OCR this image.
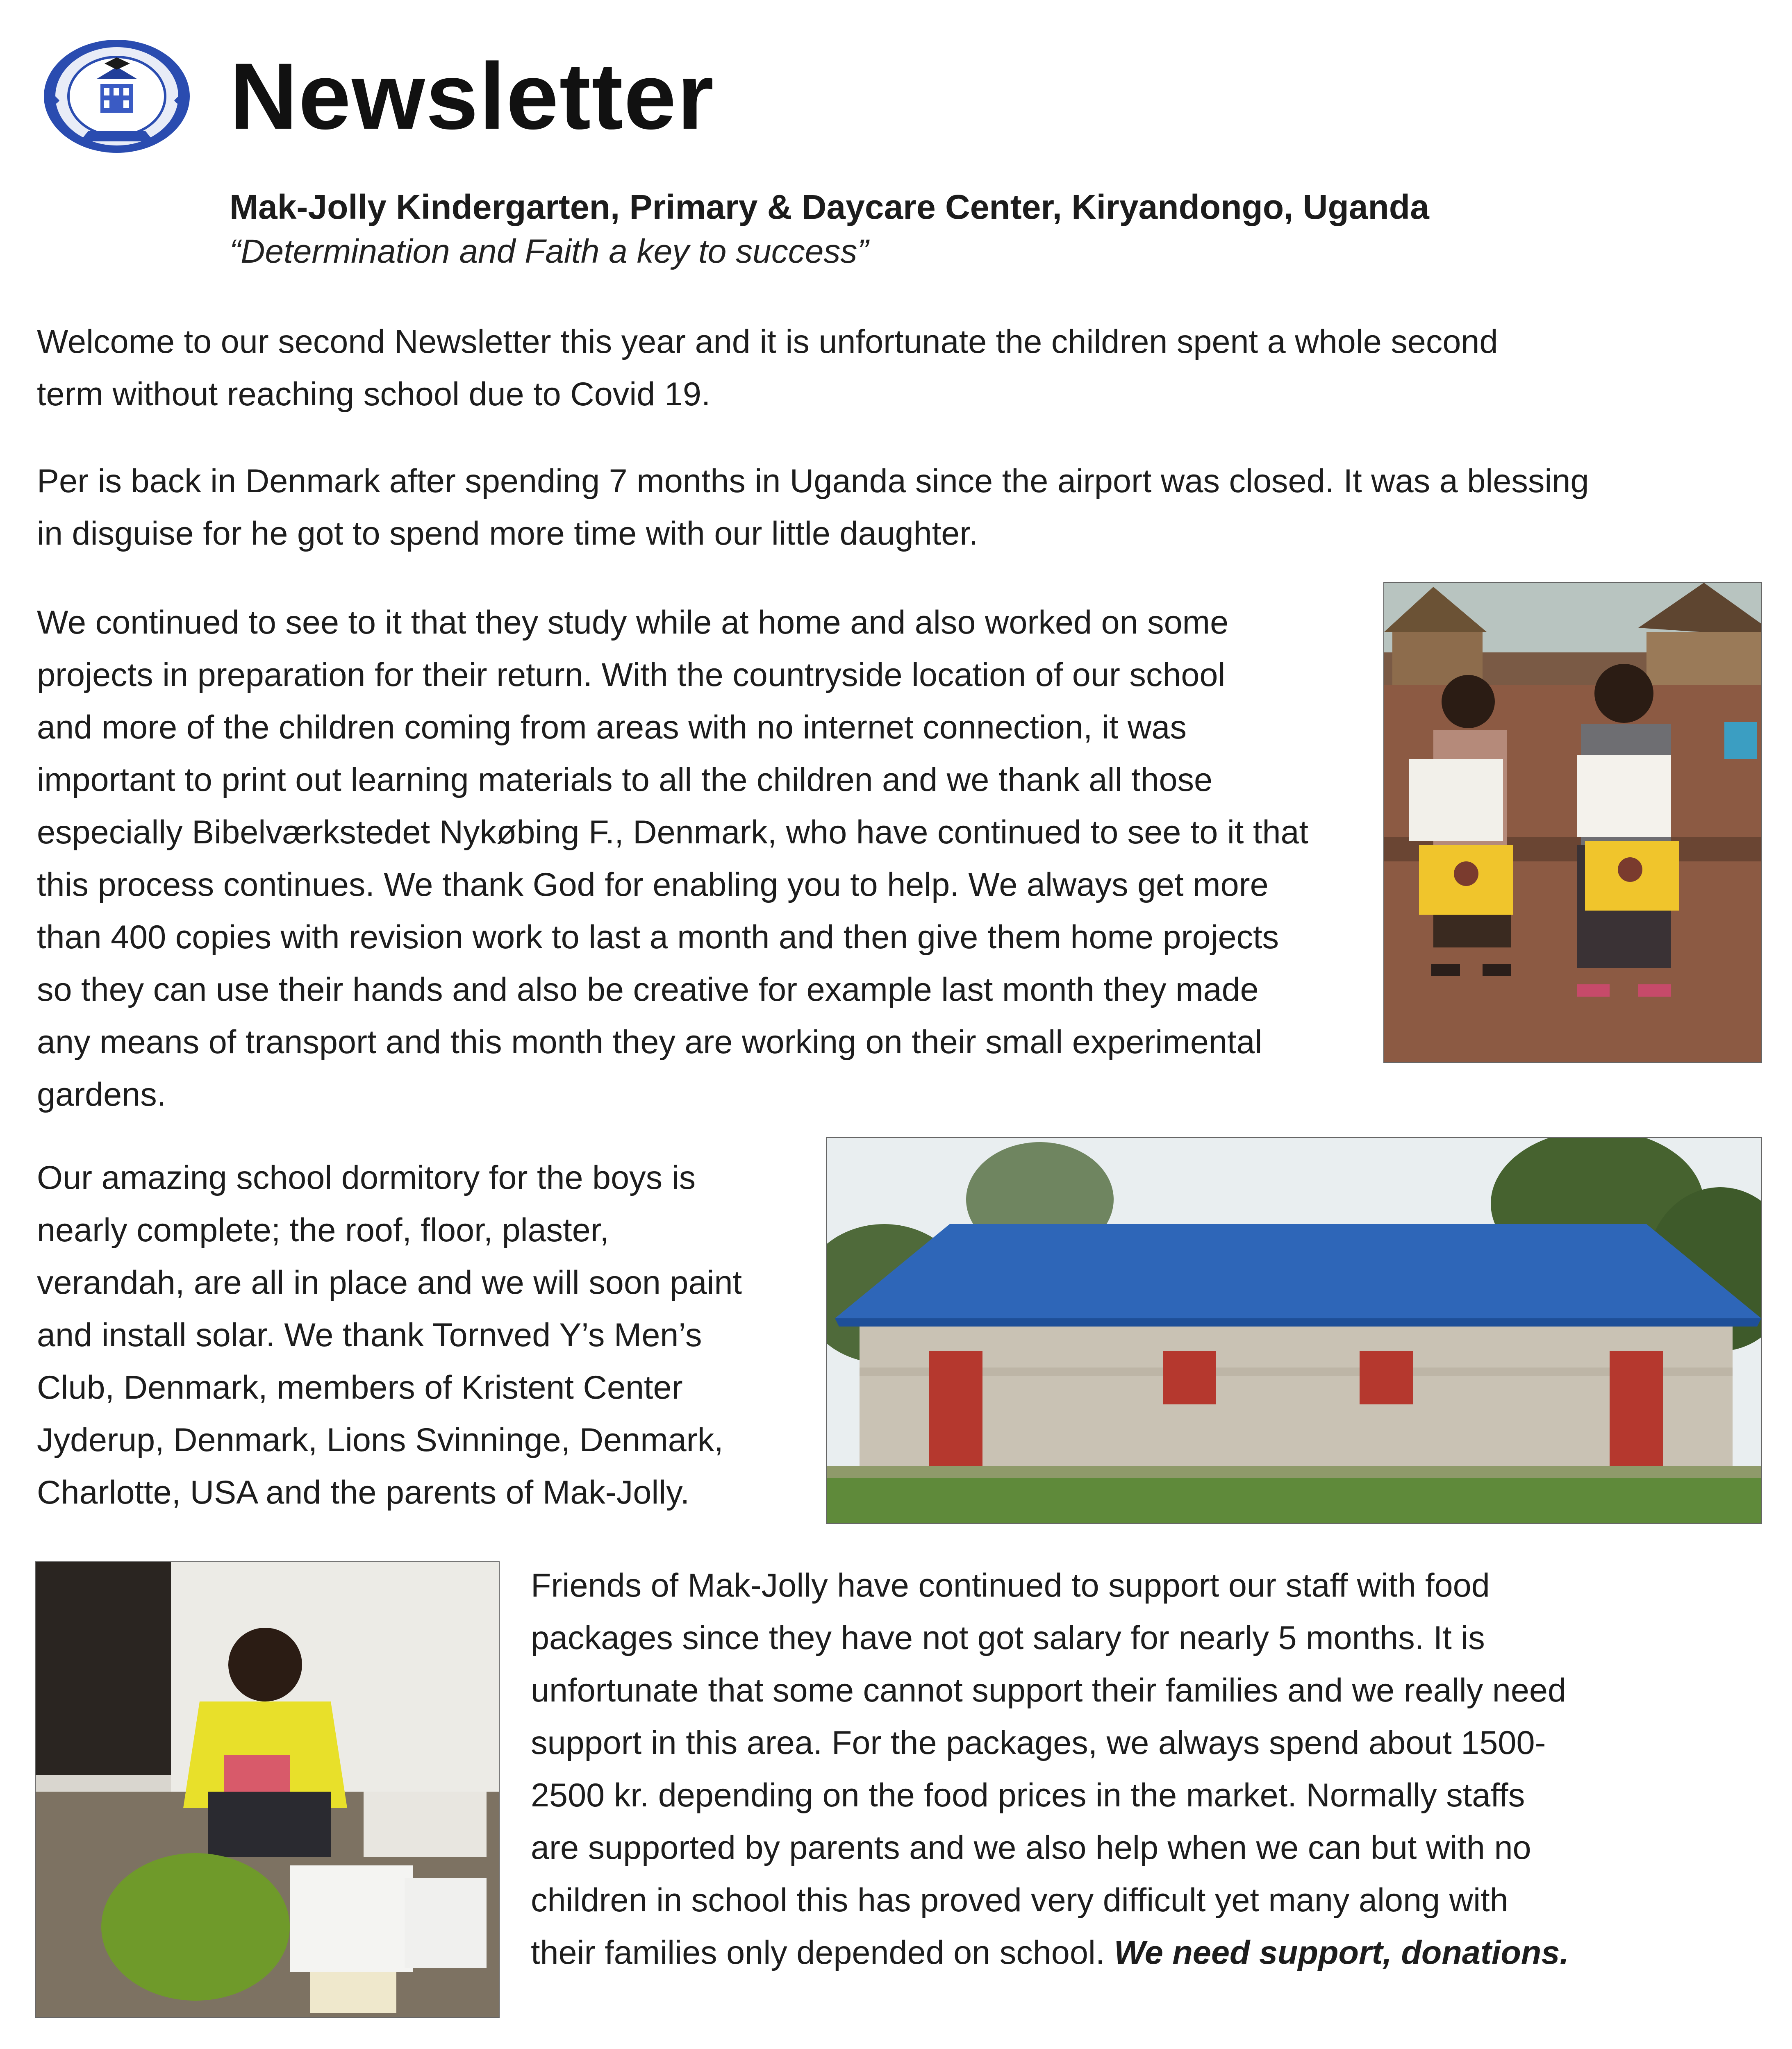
Newsletter
Mak-Jolly Kindergarten, Primary & Daycare Center, Kiryandongo, Uganda
“Determination and Faith a key to success”
Welcome to our second Newsletter this year and it is unfortunate the children spent a whole second
term without reaching school due to Covid 19.
Per is back in Denmark after spending 7 months in Uganda since the airport was closed. It was a blessing
in disguise for he got to spend more time with our little daughter.
We continued to see to it that they study while at home and also worked on some
projects in preparation for their return. With the countryside location of our school
and more of the children coming from areas with no internet connection, it was
important to print out learning materials to all the children and we thank all those
especially Bibelværkstedet Nykøbing F., Denmark, who have continued to see to it that
this process continues. We thank God for enabling you to help. We always get more
than 400 copies with revision work to last a month and then give them home projects
so they can use their hands and also be creative for example last month they made
any means of transport and this month they are working on their small experimental
gardens.
Our amazing school dormitory for the boys is
nearly complete; the roof, floor, plaster,
verandah, are all in place and we will soon paint
and install solar. We thank Tornved Y’s Men’s
Club, Denmark, members of Kristent Center
Jyderup, Denmark, Lions Svinninge, Denmark,
Charlotte, USA and the parents of Mak-Jolly.
Friends of Mak-Jolly have continued to support our staff with food
packages since they have not got salary for nearly 5 months. It is
unfortunate that some cannot support their families and we really need
support in this area. For the packages, we always spend about 1500-
2500 kr. depending on the food prices in the market. Normally staffs
are supported by parents and we also help when we can but with no
children in school this has proved very difficult yet many along with
their families only depended on school. We need support, donations.
